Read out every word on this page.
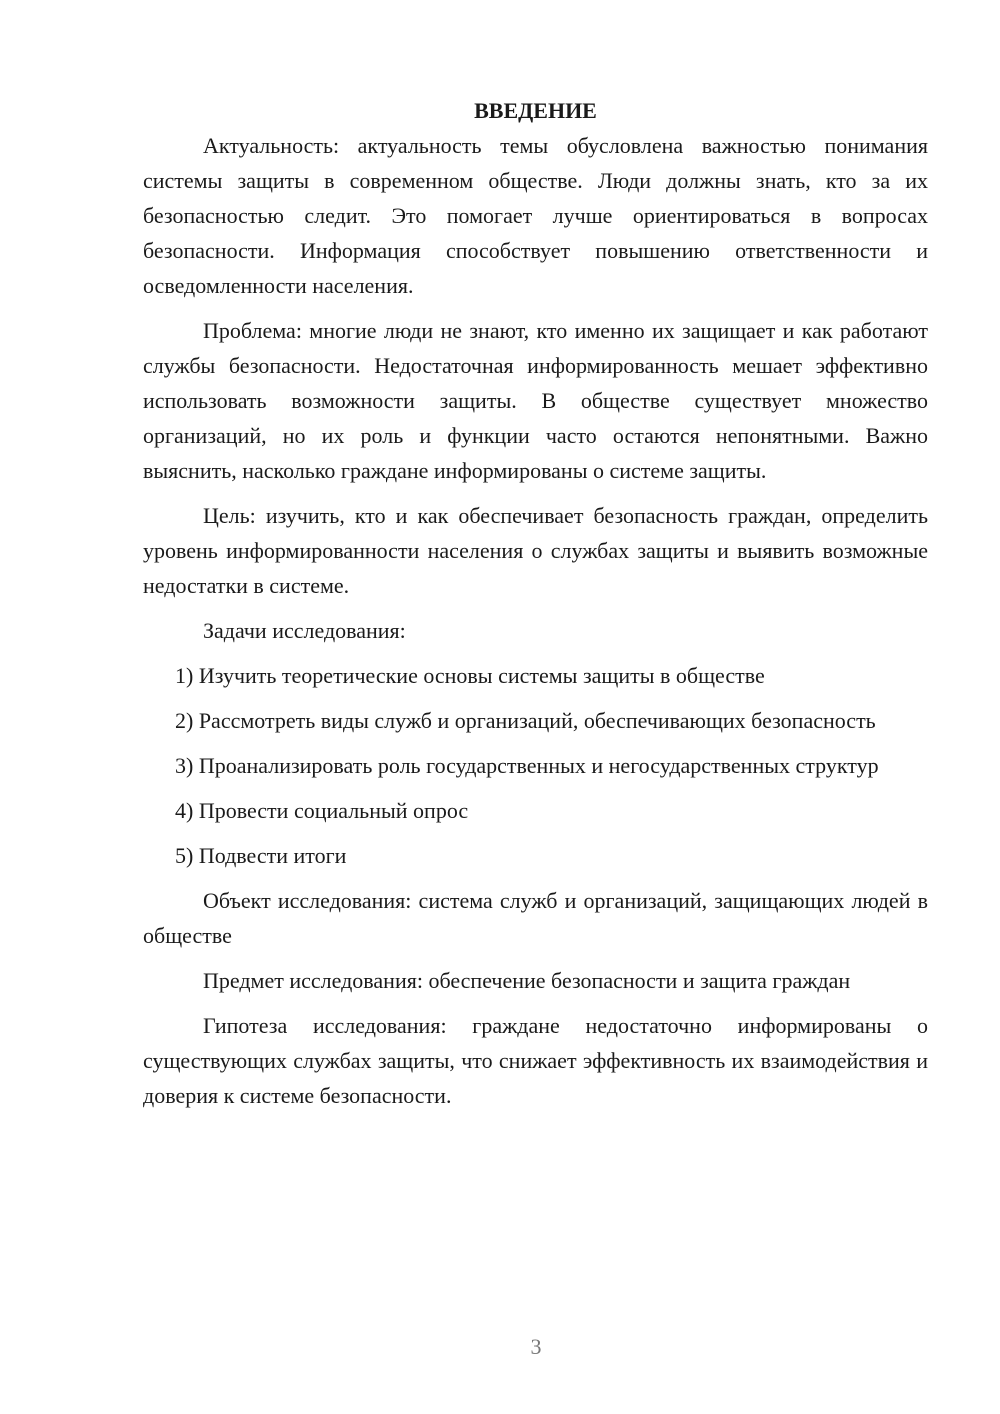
ВВЕДЕНИЕ

Актуальность: актуальность темы обусловлена важностью понимания системы защиты в современном обществе. Люди должны знать, кто за их безопасностью следит. Это помогает лучше ориентироваться в вопросах безопасности. Информация способствует повышению ответственности и осведомленности населения.

Проблема: многие люди не знают, кто именно их защищает и как работают службы безопасности. Недостаточная информированность мешает эффективно использовать возможности защиты. В обществе существует множество организаций, но их роль и функции часто остаются непонятными. Важно выяснить, насколько граждане информированы о системе защиты.

Цель: изучить, кто и как обеспечивает безопасность граждан, определить уровень информированности населения о службах защиты и выявить возможные недостатки в системе.

Задачи исследования:

1) Изучить теоретические основы системы защиты в обществе

2) Рассмотреть виды служб и организаций, обеспечивающих безопасность

3) Проанализировать роль государственных и негосударственных структур

4) Провести социальный опрос

5) Подвести итоги

Объект исследования: система служб и организаций, защищающих людей в обществе

Предмет исследования: обеспечение безопасности и защита граждан

Гипотеза исследования: граждане недостаточно информированы о существующих службах защиты, что снижает эффективность их взаимодействия и доверия к системе безопасности.

3
